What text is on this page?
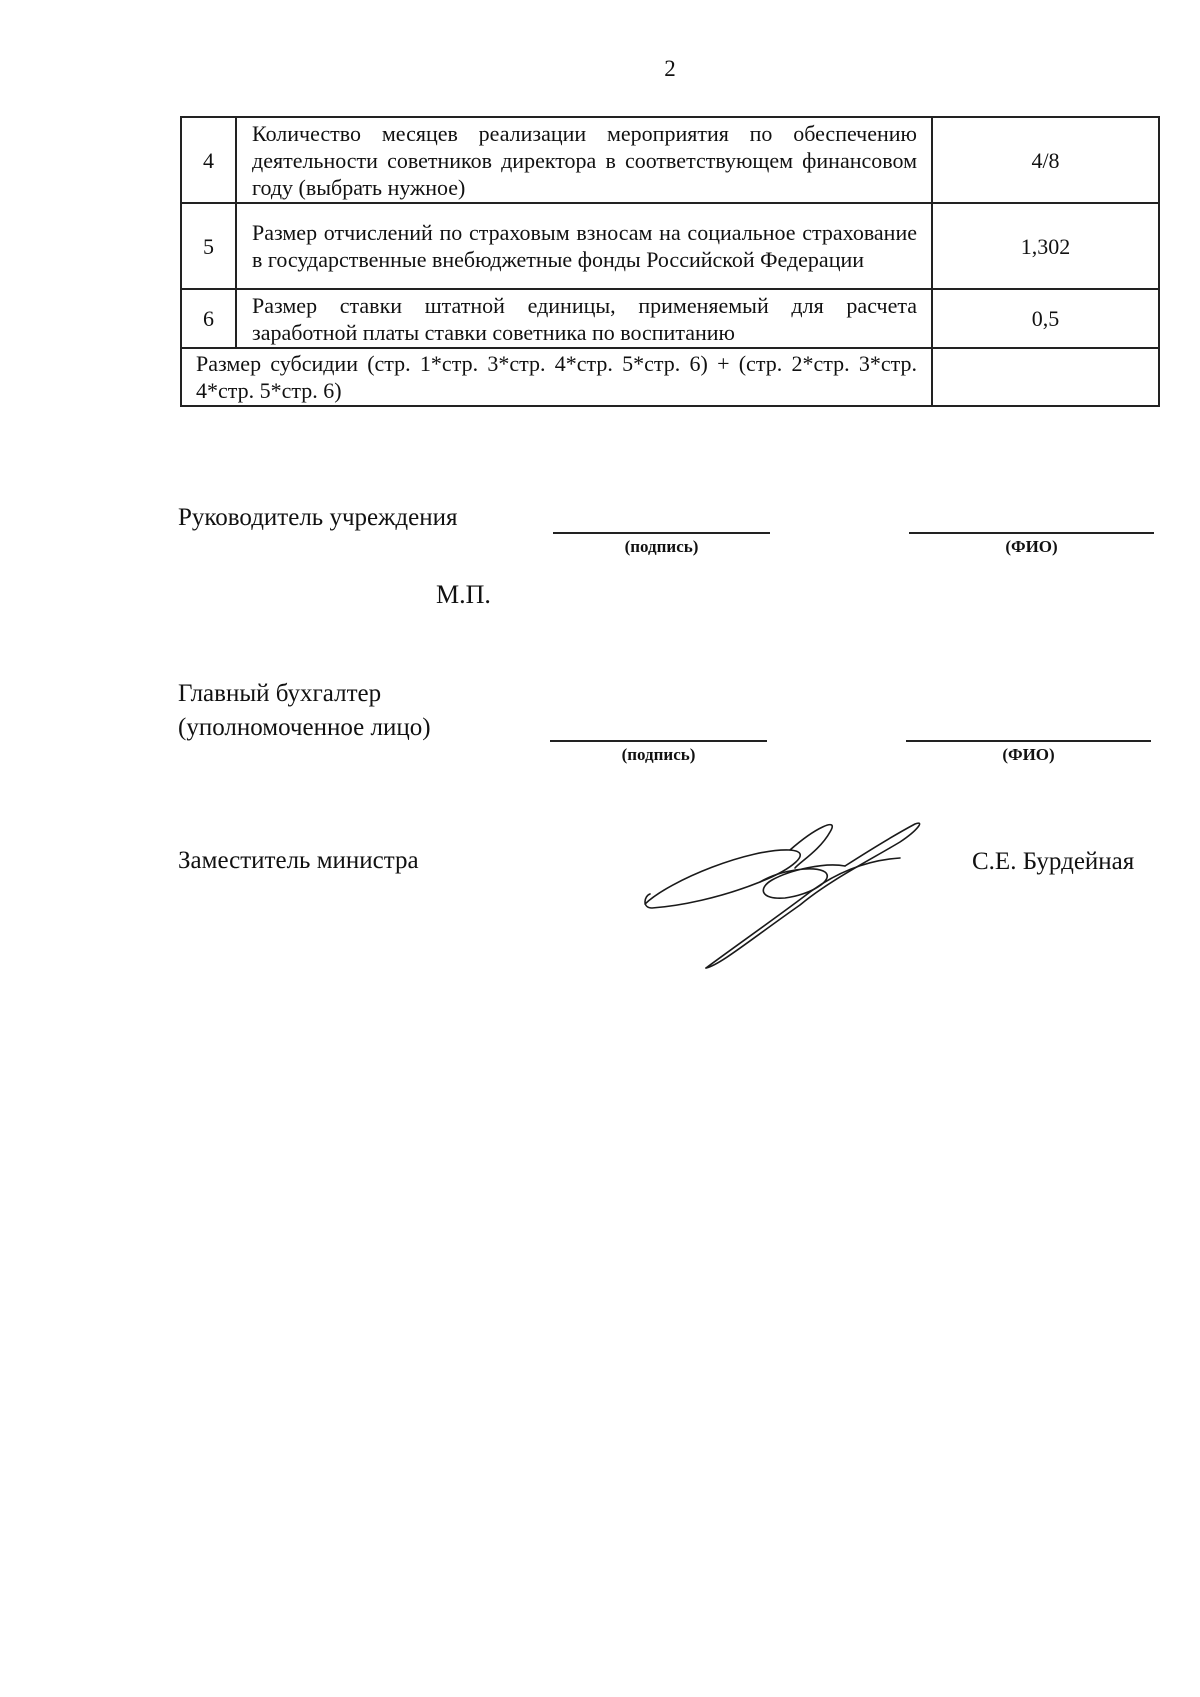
2
4	Количество месяцев реализации мероприятия по обеспечению деятельности советников директора в соответствующем финансовом году (выбрать нужное)	4/8
5	Размер отчислений по страховым взносам на социальное страхование в государственные внебюджетные фонды Российской Федерации	1,302
6	Размер ставки штатной единицы, применяемый для расчета заработной платы ставки советника по воспитанию	0,5
Размер субсидии (стр. 1*стр. 3*стр. 4*стр. 5*стр. 6) + (стр. 2*стр. 3*стр. 4*стр. 5*стр. 6)		
Руководитель учреждения
(подпись)	(ФИО)
М.П.
Главный бухгалтер
(уполномоченное лицо)
(подпись)	(ФИО)
Заместитель министра	С.Е. Бурдейная
